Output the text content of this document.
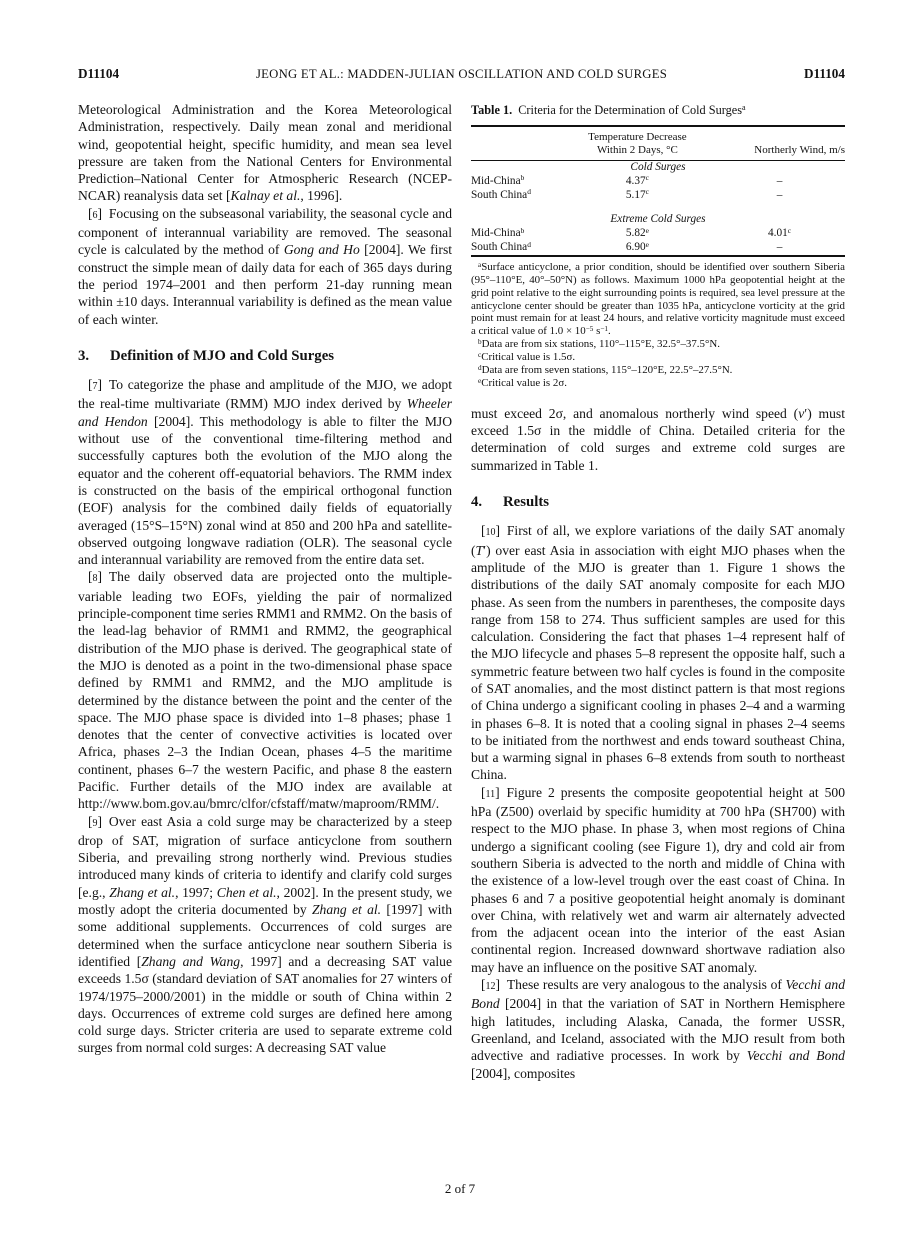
D11104	JEONG ET AL.: MADDEN-JULIAN OSCILLATION AND COLD SURGES	D11104

Meteorological Administration and the Korea Meteorological Administration, respectively. Daily mean zonal and meridional wind, geopotential height, specific humidity, and mean sea level pressure are taken from the National Centers for Environmental Prediction–National Center for Atmospheric Research (NCEP-NCAR) reanalysis data set [Kalnay et al., 1996].

[6]  Focusing on the subseasonal variability, the seasonal cycle and component of interannual variability are removed. The seasonal cycle is calculated by the method of Gong and Ho [2004]. We first construct the simple mean of daily data for each of 365 days during the period 1974–2001 and then perform 21-day running mean within ±10 days. Interannual variability is defined as the mean value of each winter.

3. Definition of MJO and Cold Surges

[7]  To categorize the phase and amplitude of the MJO, we adopt the real-time multivariate (RMM) MJO index derived by Wheeler and Hendon [2004]. This methodology is able to filter the MJO without use of the conventional time-filtering method and successfully captures both the evolution of the MJO along the equator and the coherent off-equatorial behaviors. The RMM index is constructed on the basis of the empirical orthogonal function (EOF) analysis for the combined daily fields of equatorially averaged (15°S–15°N) zonal wind at 850 and 200 hPa and satellite-observed outgoing longwave radiation (OLR). The seasonal cycle and interannual variability are removed from the entire data set.

[8]  The daily observed data are projected onto the multiple-variable leading two EOFs, yielding the pair of normalized principle-component time series RMM1 and RMM2. On the basis of the lead-lag behavior of RMM1 and RMM2, the geographical distribution of the MJO phase is derived. The geographical state of the MJO is denoted as a point in the two-dimensional phase space defined by RMM1 and RMM2, and the MJO amplitude is determined by the distance between the point and the center of the space. The MJO phase space is divided into 1–8 phases; phase 1 denotes that the center of convective activities is located over Africa, phases 2–3 the Indian Ocean, phases 4–5 the maritime continent, phases 6–7 the western Pacific, and phase 8 the eastern Pacific. Further details of the MJO index are available at http://www.bom.gov.au/bmrc/clfor/cfstaff/matw/maproom/RMM/.

[9]  Over east Asia a cold surge may be characterized by a steep drop of SAT, migration of surface anticyclone from southern Siberia, and prevailing strong northerly wind. Previous studies introduced many kinds of criteria to identify and clarify cold surges [e.g., Zhang et al., 1997; Chen et al., 2002]. In the present study, we mostly adopt the criteria documented by Zhang et al. [1997] with some additional supplements. Occurrences of cold surges are determined when the surface anticyclone near southern Siberia is identified [Zhang and Wang, 1997] and a decreasing SAT value exceeds 1.5σ (standard deviation of SAT anomalies for 27 winters of 1974/1975–2000/2001) in the middle or south of China within 2 days. Occurrences of extreme cold surges are defined here among cold surge days. Stricter criteria are used to separate extreme cold surges from normal cold surges: A decreasing SAT value

Table 1. Criteria for the Determination of Cold Surges$^a$

	Temperature Decrease
Within 2 Days, °C	Northerly Wind, m/s
Cold Surges		
Mid-China$^b$	4.37$^c$	–
South China$^d$	5.17$^c$	–

Extreme Cold Surges		
Mid-China$^b$	5.82e	4.01$^c$
South China$^d$	6.90e	–

$^a$Surface anticyclone, a prior condition, should be identified over southern Siberia (95°–110°E, 40°–50°N) as follows. Maximum 1000 hPa geopotential height at the grid point relative to the eight surrounding points is required, sea level pressure at the anticyclone center should be greater than 1035 hPa, anticyclone vorticity at the grid point must remain for at least 24 hours, and relative vorticity magnitude must exceed a critical value of $1.0 \times 10^{-5}$ $s^{-1}$.

$^b$Data are from six stations, 110°–115°E, 32.5°–37.5°N.

$^c$Critical value is 1.5σ.

$^d$Data are from seven stations, 115°–120°E, 22.5°–27.5°N.

$^e$Critical value is 2σ.

must exceed 2σ, and anomalous northerly wind speed (v′) must exceed 1.5σ in the middle of China. Detailed criteria for the determination of cold surges and extreme cold surges are summarized in Table 1.

4. Results

[10]  First of all, we explore variations of the daily SAT anomaly (T′) over east Asia in association with eight MJO phases when the amplitude of the MJO is greater than 1. Figure 1 shows the distributions of the daily SAT anomaly composite for each MJO phase. As seen from the numbers in parentheses, the composite days range from 158 to 274. Thus sufficient samples are used for this calculation. Considering the fact that phases 1–4 represent half of the MJO lifecycle and phases 5–8 represent the opposite half, such a symmetric feature between two half cycles is found in the composite of SAT anomalies, and the most distinct pattern is that most regions of China undergo a significant cooling in phases 2–4 and a warming in phases 6–8. It is noted that a cooling signal in phases 2–4 seems to be initiated from the northwest and ends toward southeast China, but a warming signal in phases 6–8 extends from south to northeast China.

[11]  Figure 2 presents the composite geopotential height at 500 hPa (Z500) overlaid by specific humidity at 700 hPa (SH700) with respect to the MJO phase. In phase 3, when most regions of China undergo a significant cooling (see Figure 1), dry and cold air from southern Siberia is advected to the north and middle of China with the existence of a low-level trough over the east coast of China. In phases 6 and 7 a positive geopotential height anomaly is dominant over China, with relatively wet and warm air alternately advected from the adjacent ocean into the interior of the east Asian continental region. Increased downward shortwave radiation also may have an influence on the positive SAT anomaly.

[12]  These results are very analogous to the analysis of Vecchi and Bond [2004] in that the variation of SAT in Northern Hemisphere high latitudes, including Alaska, Canada, the former USSR, Greenland, and Iceland, associated with the MJO result from both advective and radiative processes. In work by Vecchi and Bond [2004], composites

2 of 7
